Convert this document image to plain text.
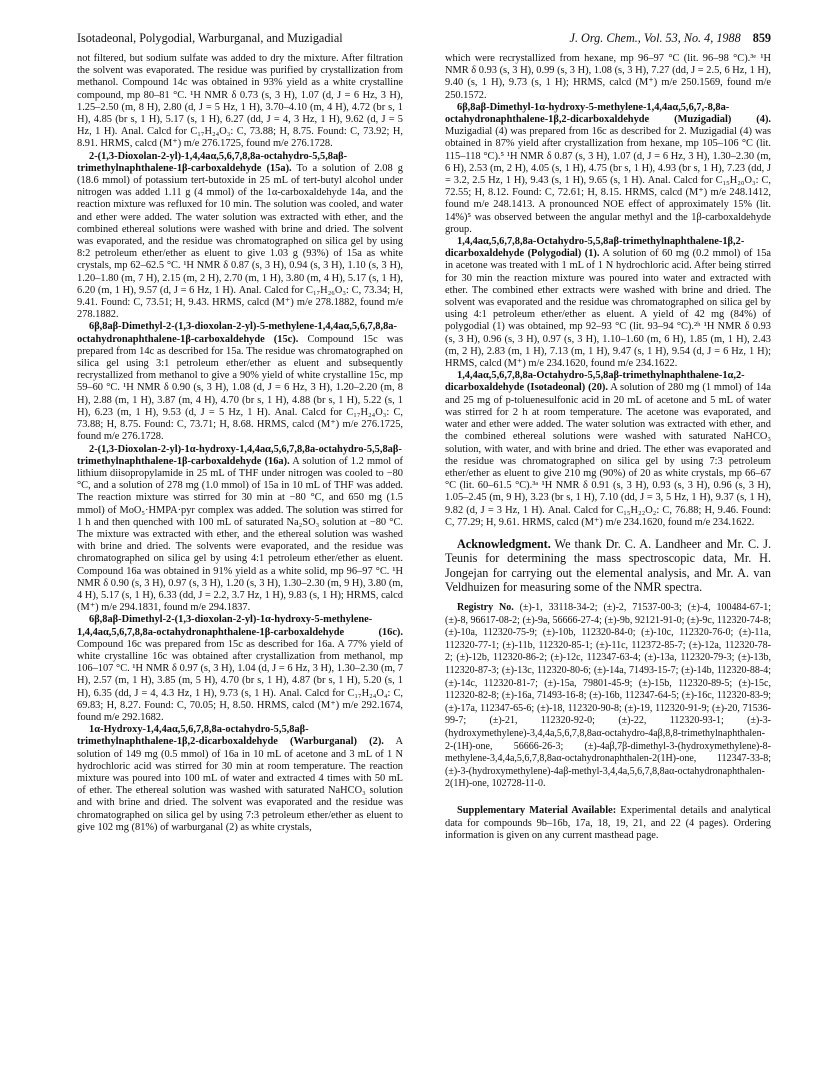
Isotadeonal, Polygodial, Warburganal, and Muzigadial	J. Org. Chem., Vol. 53, No. 4, 1988 859

not filtered, but sodium sulfate was added to dry the mixture. After filtration the solvent was evaporated. The residue was purified by crystallization from methanol. Compound 14c was obtained in 93% yield as a white crystalline compound, mp 80–81 °C. ¹H NMR δ 0.73 (s, 3 H), 1.07 (d, J = 6 Hz, 3 H), 1.25–2.50 (m, 8 H), 2.80 (d, J = 5 Hz, 1 H), 3.70–4.10 (m, 4 H), 4.72 (br s, 1 H), 4.85 (br s, 1 H), 5.17 (s, 1 H), 6.27 (dd, J = 4, 3 Hz, 1 H), 9.62 (d, J = 5 Hz, 1 H). Anal. Calcd for C₁₇H₂₄O₃: C, 73.88; H, 8.75. Found: C, 73.92; H, 8.91. HRMS, calcd (M⁺) m/e 276.1725, found m/e 276.1728.

2-(1,3-Dioxolan-2-yl)-1,4,4aα,5,6,7,8,8a-octahydro-5,5,8aβ-trimethylnaphthalene-1β-carboxaldehyde (15a). To a solution of 2.08 g (18.6 mmol) of potassium tert-butoxide in 25 mL of tert-butyl alcohol under nitrogen was added 1.11 g (4 mmol) of the 1α-carboxaldehyde 14a, and the reaction mixture was refluxed for 10 min. The solution was cooled, and water and ether were added. The water solution was extracted with ether, and the combined ethereal solutions were washed with brine and dried. The solvent was evaporated, and the residue was chromatographed on silica gel by using 8:2 petroleum ether/ether as eluent to give 1.03 g (93%) of 15a as white crystals, mp 62–62.5 °C. ¹H NMR δ 0.87 (s, 3 H), 0.94 (s, 3 H), 1.10 (s, 3 H), 1.20–1.80 (m, 7 H), 2.15 (m, 2 H), 2.70 (m, 1 H), 3.80 (m, 4 H), 5.17 (s, 1 H), 6.20 (m, 1 H), 9.57 (d, J = 6 Hz, 1 H). Anal. Calcd for C₁₇H₂₆O₃: C, 73.34; H, 9.41. Found: C, 73.51; H, 9.43. HRMS, calcd (M⁺) m/e 278.1882, found m/e 278.1882.

6β,8aβ-Dimethyl-2-(1,3-dioxolan-2-yl)-5-methylene-1,4,4aα,5,6,7,8,8a-octahydronaphthalene-1β-carboxaldehyde (15c). Compound 15c was prepared from 14c as described for 15a. The residue was chromatographed on silica gel using 3:1 petroleum ether/ether as eluent and subsequently recrystallized from methanol to give a 90% yield of white crystalline 15c, mp 59–60 °C. ¹H NMR δ 0.90 (s, 3 H), 1.08 (d, J = 6 Hz, 3 H), 1.20–2.20 (m, 8 H), 2.88 (m, 1 H), 3.87 (m, 4 H), 4.70 (br s, 1 H), 4.88 (br s, 1 H), 5.22 (s, 1 H), 6.23 (m, 1 H), 9.53 (d, J = 5 Hz, 1 H). Anal. Calcd for C₁₇H₂₄O₃: C, 73.88; H, 8.75. Found: C, 73.71; H, 8.68. HRMS, calcd (M⁺) m/e 276.1725, found m/e 276.1728.

2-(1,3-Dioxolan-2-yl)-1α-hydroxy-1,4,4aα,5,6,7,8,8a-octahydro-5,5,8aβ-trimethylnaphthalene-1β-carboxaldehyde (16a). A solution of 1.2 mmol of lithium diisopropylamide in 25 mL of THF under nitrogen was cooled to −80 °C, and a solution of 278 mg (1.0 mmol) of 15a in 10 mL of THF was added. The reaction mixture was stirred for 30 min at −80 °C, and 650 mg (1.5 mmol) of MoO₅·HMPA·pyr complex was added. The solution was stirred for 1 h and then quenched with 100 mL of saturated Na₂SO₃ solution at −80 °C. The mixture was extracted with ether, and the ethereal solution was washed with brine and dried. The solvents were evaporated, and the residue was chromatographed on silica gel by using 4:1 petroleum ether/ether as eluent. Compound 16a was obtained in 91% yield as a white solid, mp 96–97 °C. ¹H NMR δ 0.90 (s, 3 H), 0.97 (s, 3 H), 1.20 (s, 3 H), 1.30–2.30 (m, 9 H), 3.80 (m, 4 H), 5.17 (s, 1 H), 6.33 (dd, J = 2.2, 3.7 Hz, 1 H), 9.83 (s, 1 H); HRMS, calcd (M⁺) m/e 294.1831, found m/e 294.1837.

6β,8aβ-Dimethyl-2-(1,3-dioxolan-2-yl)-1α-hydroxy-5-methylene-1,4,4aα,5,6,7,8,8a-octahydronaphthalene-1β-carboxaldehyde (16c). Compound 16c was prepared from 15c as described for 16a. A 77% yield of white crystalline 16c was obtained after crystallization from methanol, mp 106–107 °C. ¹H NMR δ 0.97 (s, 3 H), 1.04 (d, J = 6 Hz, 3 H), 1.30–2.30 (m, 7 H), 2.57 (m, 1 H), 3.85 (m, 5 H), 4.70 (br s, 1 H), 4.87 (br s, 1 H), 5.20 (s, 1 H), 6.35 (dd, J = 4, 4.3 Hz, 1 H), 9.73 (s, 1 H). Anal. Calcd for C₁₇H₂₄O₄: C, 69.83; H, 8.27. Found: C, 70.05; H, 8.50. HRMS, calcd (M⁺) m/e 292.1674, found m/e 292.1682.

1α-Hydroxy-1,4,4aα,5,6,7,8,8a-octahydro-5,5,8aβ-trimethylnaphthalene-1β,2-dicarboxaldehyde (Warburganal) (2). A solution of 149 mg (0.5 mmol) of 16a in 10 mL of acetone and 3 mL of 1 N hydrochloric acid was stirred for 30 min at room temperature. The reaction mixture was poured into 100 mL of water and extracted 4 times with 50 mL of ether. The ethereal solution was washed with saturated NaHCO₃ solution and with brine and dried. The solvent was evaporated and the residue was chromatographed on silica gel by using 7:3 petroleum ether/ether as eluent to give 102 mg (81%) of warburganal (2) as white crystals,

which were recrystallized from hexane, mp 96–97 °C (lit. 96–98 °C).³ᵉ ¹H NMR δ 0.93 (s, 3 H), 0.99 (s, 3 H), 1.08 (s, 3 H), 7.27 (dd, J = 2.5, 6 Hz, 1 H), 9.40 (s, 1 H), 9.73 (s, 1 H); HRMS, calcd (M⁺) m/e 250.1569, found m/e 250.1572.

6β,8aβ-Dimethyl-1α-hydroxy-5-methylene-1,4,4aα,5,6,7,-8,8a-octahydronaphthalene-1β,2-dicarboxaldehyde (Muzigadial) (4). Muzigadial (4) was prepared from 16c as described for 2. Muzigadial (4) was obtained in 87% yield after crystallization from hexane, mp 105–106 °C (lit. 115–118 °C).⁵ ¹H NMR δ 0.87 (s, 3 H), 1.07 (d, J = 6 Hz, 3 H), 1.30–2.30 (m, 6 H), 2.53 (m, 2 H), 4.05 (s, 1 H), 4.75 (br s, 1 H), 4.93 (br s, 1 H), 7.23 (dd, J = 3.2, 2.5 Hz, 1 H), 9.43 (s, 1 H), 9.65 (s, 1 H). Anal. Calcd for C₁₅H₂₀O₃: C, 72.55; H, 8.12. Found: C, 72.61; H, 8.15. HRMS, calcd (M⁺) m/e 248.1412, found m/e 248.1413. A pronounced NOE effect of approximately 15% (lit. 14%)⁵ was observed between the angular methyl and the 1β-carboxaldehyde group.

1,4,4aα,5,6,7,8,8a-Octahydro-5,5,8aβ-trimethylnaphthalene-1β,2-dicarboxaldehyde (Polygodial) (1). A solution of 60 mg (0.2 mmol) of 15a in acetone was treated with 1 mL of 1 N hydrochloric acid. After being stirred for 30 min the reaction mixture was poured into water and extracted with ether. The combined ether extracts were washed with brine and dried. The solvent was evaporated and the residue was chromatographed on silica gel by using 4:1 petroleum ether/ether as eluent. A yield of 42 mg (84%) of polygodial (1) was obtained, mp 92–93 °C (lit. 93–94 °C).²ʰ ¹H NMR δ 0.93 (s, 3 H), 0.96 (s, 3 H), 0.97 (s, 3 H), 1.10–1.60 (m, 6 H), 1.85 (m, 1 H), 2.43 (m, 2 H), 2.83 (m, 1 H), 7.13 (m, 1 H), 9.47 (s, 1 H), 9.54 (d, J = 6 Hz, 1 H); HRMS, calcd (M⁺) m/e 234.1620, found m/e 234.1622.

1,4,4aα,5,6,7,8,8a-Octahydro-5,5,8aβ-trimethylnaphthalene-1α,2-dicarboxaldehyde (Isotadeonal) (20). A solution of 280 mg (1 mmol) of 14a and 25 mg of p-toluenesulfonic acid in 20 mL of acetone and 5 mL of water was stirred for 2 h at room temperature. The acetone was evaporated, and water and ether were added. The water solution was extracted with ether, and the combined ethereal solutions were washed with saturated NaHCO₃ solution, with water, and with brine and dried. The ether was evaporated and the residue was chromatographed on silica gel by using 7:3 petroleum ether/ether as eluent to give 210 mg (90%) of 20 as white crystals, mp 66–67 °C (lit. 60–61.5 °C).³ᵃ ¹H NMR δ 0.91 (s, 3 H), 0.93 (s, 3 H), 0.96 (s, 3 H), 1.05–2.45 (m, 9 H), 3.23 (br s, 1 H), 7.10 (dd, J = 3, 5 Hz, 1 H), 9.37 (s, 1 H), 9.82 (d, J = 3 Hz, 1 H). Anal. Calcd for C₁₅H₂₂O₂: C, 76.88; H, 9.46. Found: C, 77.29; H, 9.61. HRMS, calcd (M⁺) m/e 234.1620, found m/e 234.1622.

Acknowledgment. We thank Dr. C. A. Landheer and Mr. C. J. Teunis for determining the mass spectroscopic data, Mr. H. Jongejan for carrying out the elemental analysis, and Mr. A. van Veldhuizen for measuring some of the NMR spectra.

Registry No. (±)-1, 33118-34-2; (±)-2, 71537-00-3; (±)-4, 100484-67-1; (±)-8, 96617-08-2; (±)-9a, 56666-27-4; (±)-9b, 92121-91-0; (±)-9c, 112320-74-8; (±)-10a, 112320-75-9; (±)-10b, 112320-84-0; (±)-10c, 112320-76-0; (±)-11a, 112320-77-1; (±)-11b, 112320-85-1; (±)-11c, 112372-85-7; (±)-12a, 112320-78-2; (±)-12b, 112320-86-2; (±)-12c, 112347-63-4; (±)-13a, 112320-79-3; (±)-13b, 112320-87-3; (±)-13c, 112320-80-6; (±)-14a, 71493-15-7; (±)-14b, 112320-88-4; (±)-14c, 112320-81-7; (±)-15a, 79801-45-9; (±)-15b, 112320-89-5; (±)-15c, 112320-82-8; (±)-16a, 71493-16-8; (±)-16b, 112347-64-5; (±)-16c, 112320-83-9; (±)-17a, 112347-65-6; (±)-18, 112320-90-8; (±)-19, 112320-91-9; (±)-20, 71536-99-7; (±)-21, 112320-92-0; (±)-22, 112320-93-1; (±)-3-(hydroxymethylene)-3,4,4a,5,6,7,8,8aα-octahydro-4aβ,8,8-trimethylnaphthalen-2-(1H)-one, 56666-26-3; (±)-4aβ,7β-dimethyl-3-(hydroxymethylene)-8-methylene-3,4,4a,5,6,7,8,8aα-octahydronaphthalen-2(1H)-one, 112347-33-8; (±)-3-(hydroxymethylene)-4aβ-methyl-3,4,4a,5,6,7,8,8aα-octahydronaphthalen-2(1H)-one, 102728-11-0.

Supplementary Material Available: Experimental details and analytical data for compounds 9b–16b, 17a, 18, 19, 21, and 22 (4 pages). Ordering information is given on any current masthead page.
